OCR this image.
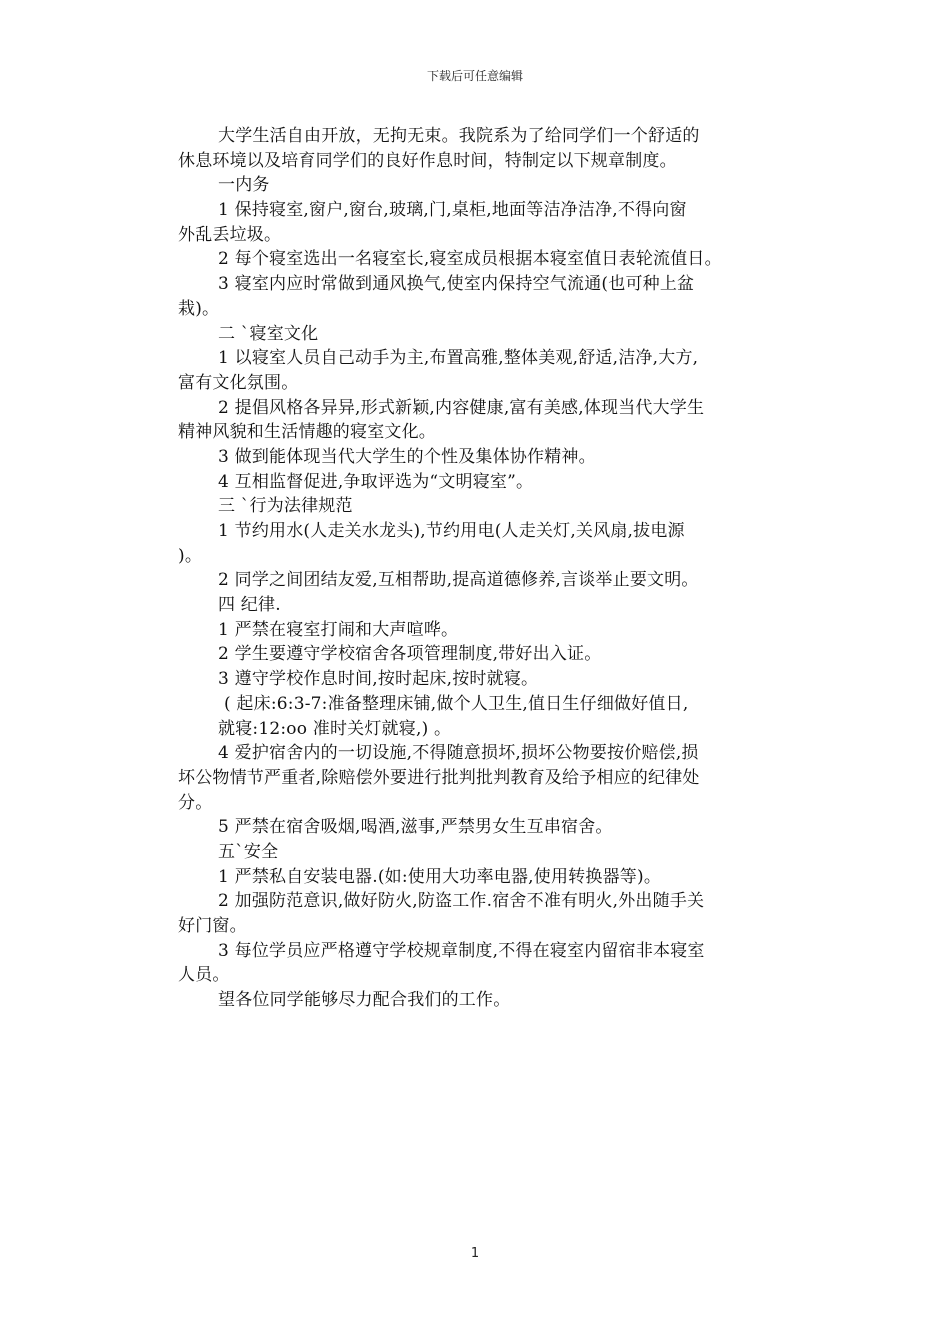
下载后可任意编辑
大学生活自由开放，无拘无束。我院系为了给同学们一个舒适的
休息环境以及培育同学们的良好作息时间，特制定以下规章制度。
一内务
1 保持寝室,窗户,窗台,玻璃,门,桌柜,地面等洁净洁净,不得向窗
外乱丢垃圾。
2 每个寝室选出一名寝室长,寝室成员根据本寝室值日表轮流值日。
3 寝室内应时常做到通风换气,使室内保持空气流通(也可种上盆
栽)。
二 `寝室文化
1 以寝室人员自己动手为主,布置高雅,整体美观,舒适,洁净,大方,
富有文化氛围。
2 提倡风格各异异,形式新颖,内容健康,富有美感,体现当代大学生
精神风貌和生活情趣的寝室文化。
3 做到能体现当代大学生的个性及集体协作精神。
4 互相监督促进,争取评选为“文明寝室”。
三 `行为法律规范
1 节约用水(人走关水龙头),节约用电(人走关灯,关风扇,拔电源
)。
2 同学之间团结友爱,互相帮助,提高道德修养,言谈举止要文明。
四 纪律.
1 严禁在寝室打闹和大声喧哗。
2 学生要遵守学校宿舍各项管理制度,带好出入证。
3 遵守学校作息时间,按时起床,按时就寝。
( 起床:6:3-7:准备整理床铺,做个人卫生,值日生仔细做好值日,
就寝:12:oo 准时关灯就寝,) 。
4 爱护宿舍内的一切设施,不得随意损坏,损坏公物要按价赔偿,损
坏公物情节严重者,除赔偿外要进行批判批判教育及给予相应的纪律处
分。
5 严禁在宿舍吸烟,喝酒,滋事,严禁男女生互串宿舍。
五`安全
1 严禁私自安装电器.(如:使用大功率电器,使用转换器等)。
2 加强防范意识,做好防火,防盗工作.宿舍不准有明火,外出随手关
好门窗。
3 每位学员应严格遵守学校规章制度,不得在寝室内留宿非本寝室
人员。
望各位同学能够尽力配合我们的工作。
1
